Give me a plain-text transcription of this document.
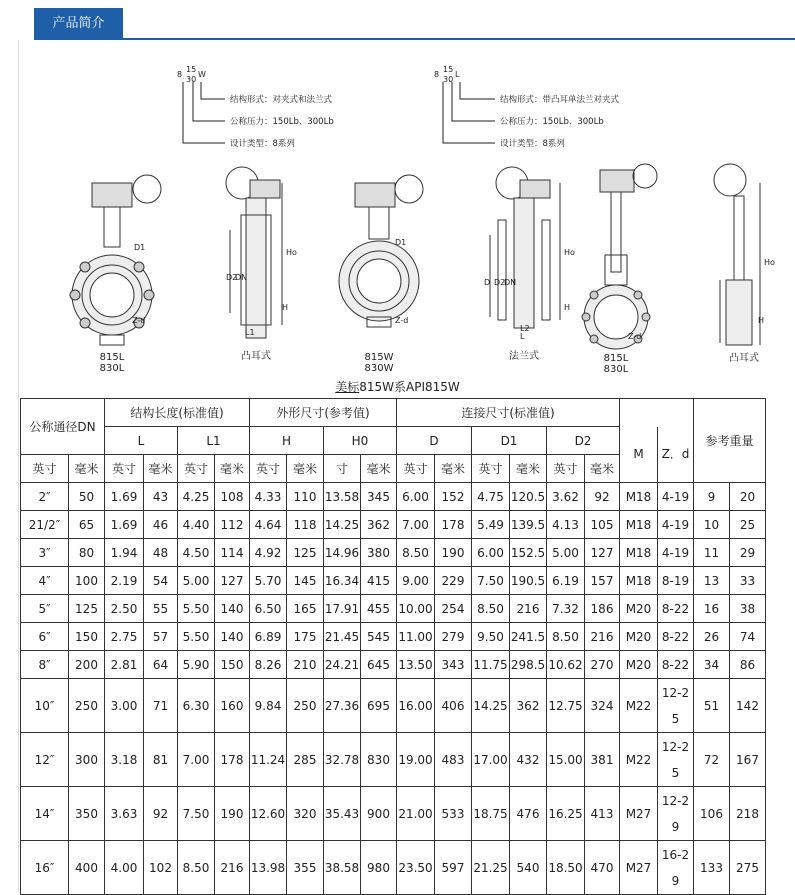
产品简介
8
15
30
W	8
15
30
L
结构形式：对夹式和法兰式
公称压力：150Lb、300Lb
设计类型：8系列
结构形式：带凸耳单法兰对夹式
公称压力：150Lb、300Lb
设计类型：8系列
D1
Z-d
D1
Z-d
Z-d
Ho
H
D2
DN
L1
Ho
H
D D2
DN
L
L2
Ho
H
815L
830L
凸耳式	815W
830W
法兰式	815L
830L
凸耳式
美标815W系API815W
公称通径DN		结构长度(标准值)				外形尺寸(参考值)				连接尺寸(标准值)								参考重量	
		L		L1		H		H0		D		D1		D2		M	Z．d		
英寸	毫米	英寸	毫米	英寸	毫米	英寸	毫米	寸	毫米	英寸	毫米	英寸	毫米	英寸	毫米				
2″	50	1.69	43	4.25	108	4.33	110	13.58	345	6.00	152	4.75	120.5	3.62	92	M18	4-19	9	20
21/2″	65	1.69	46	4.40	112	4.64	118	14.25	362	7.00	178	5.49	139.5	4.13	105	M18	4-19	10	25
3″	80	1.94	48	4.50	114	4.92	125	14.96	380	8.50	190	6.00	152.5	5.00	127	M18	4-19	11	29
4″	100	2.19	54	5.00	127	5.70	145	16.34	415	9.00	229	7.50	190.5	6.19	157	M18	8-19	13	33
5″	125	2.50	55	5.50	140	6.50	165	17.91	455	10.00	254	8.50	216	7.32	186	M20	8-22	16	38
6″	150	2.75	57	5.50	140	6.89	175	21.45	545	11.00	279	9.50	241.5	8.50	216	M20	8-22	26	74
8″	200	2.81	64	5.90	150	8.26	210	24.21	645	13.50	343	11.75	298.5	10.62	270	M20	8-22	34	86
10″	250	3.00	71	6.30	160	9.84	250	27.36	695	16.00	406	14.25	362	12.75	324	M22	12-25	51	142
12″	300	3.18	81	7.00	178	11.24	285	32.78	830	19.00	483	17.00	432	15.00	381	M22	12-25	72	167
14″	350	3.63	92	7.50	190	12.60	320	35.43	900	21.00	533	18.75	476	16.25	413	M27	12-29	106	218
16″	400	4.00	102	8.50	216	13.98	355	38.58	980	23.50	597	21.25	540	18.50	470	M27	16-29	133	275
